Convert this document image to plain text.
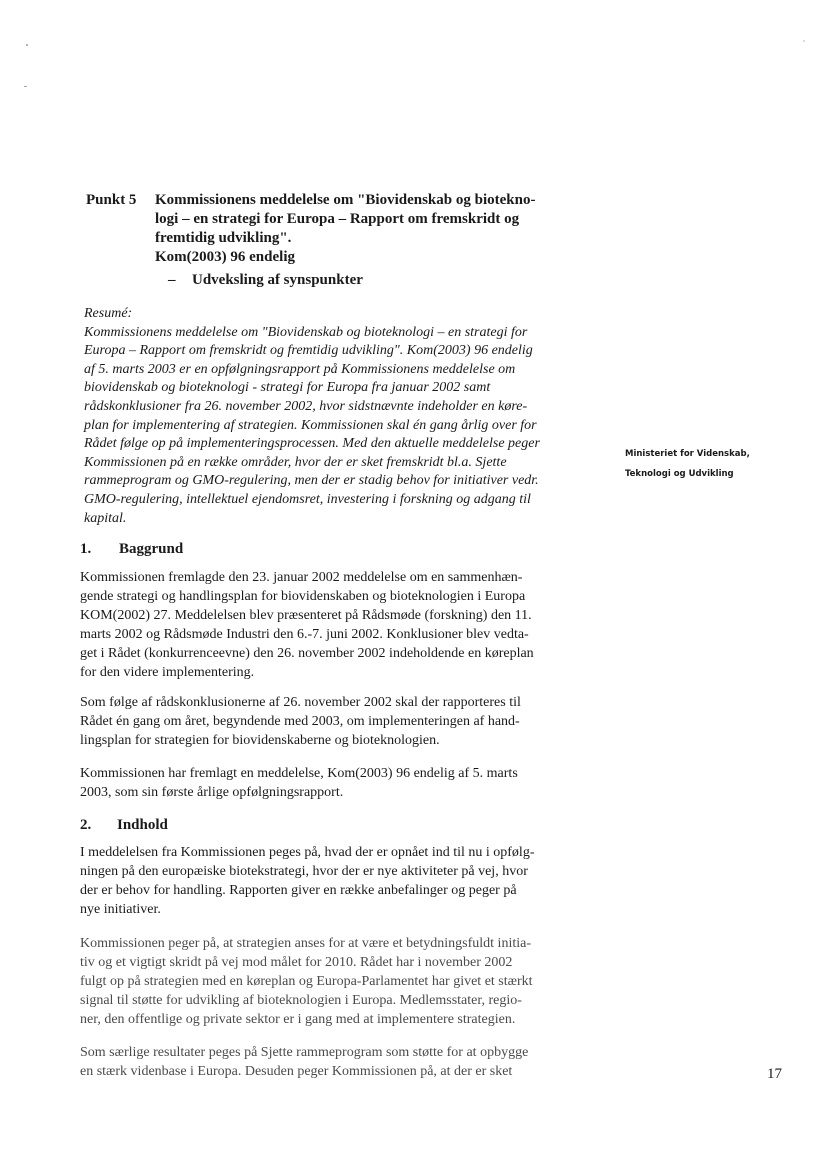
Punkt 5 Kommissionens meddelelse om "Biovidenskab og biotekno-
logi – en strategi for Europa – Rapport om fremskridt og
fremtidig udvikling".
Kom(2003) 96 endelig
– Udveksling af synspunkter
Resumé:
Kommissionens meddelelse om "Biovidenskab og bioteknologi – en strategi for
Europa – Rapport om fremskridt og fremtidig udvikling". Kom(2003) 96 endelig
af 5. marts 2003 er en opfølgningsrapport på Kommissionens meddelelse om
biovidenskab og bioteknologi - strategi for Europa fra januar 2002 samt
rådskonklusioner fra 26. november 2002, hvor sidstnævnte indeholder en køre-
plan for implementering af strategien. Kommissionen skal én gang årlig over for
Rådet følge op på implementeringsprocessen. Med den aktuelle meddelelse peger
Kommissionen på en række områder, hvor der er sket fremskridt bl.a. Sjette
rammeprogram og GMO-regulering, men der er stadig behov for initiativer vedr.
GMO-regulering, intellektuel ejendomsret, investering i forskning og adgang til
kapital.
Ministeriet for Videnskab,
Teknologi og Udvikling
1. Baggrund
Kommissionen fremlagde den 23. januar 2002 meddelelse om en sammenhæn-
gende strategi og handlingsplan for biovidenskaben og bioteknologien i Europa
KOM(2002) 27. Meddelelsen blev præsenteret på Rådsmøde (forskning) den 11.
marts 2002 og Rådsmøde Industri den 6.-7. juni 2002. Konklusioner blev vedta-
get i Rådet (konkurrenceevne) den 26. november 2002 indeholdende en køreplan
for den videre implementering.
Som følge af rådskonklusionerne af 26. november 2002 skal der rapporteres til
Rådet én gang om året, begyndende med 2003, om implementeringen af hand-
lingsplan for strategien for biovidenskaberne og bioteknologien.
Kommissionen har fremlagt en meddelelse, Kom(2003) 96 endelig af 5. marts
2003, som sin første årlige opfølgningsrapport.
2. Indhold
I meddelelsen fra Kommissionen peges på, hvad der er opnået ind til nu i opfølg-
ningen på den europæiske biotekstrategi, hvor der er nye aktiviteter på vej, hvor
der er behov for handling. Rapporten giver en række anbefalinger og peger på
nye initiativer.
Kommissionen peger på, at strategien anses for at være et betydningsfuldt initia-
tiv og et vigtigt skridt på vej mod målet for 2010. Rådet har i november 2002
fulgt op på strategien med en køreplan og Europa-Parlamentet har givet et stærkt
signal til støtte for udvikling af bioteknologien i Europa. Medlemsstater, regio-
ner, den offentlige og private sektor er i gang med at implementere strategien.
Som særlige resultater peges på Sjette rammeprogram som støtte for at opbygge
en stærk videnbase i Europa. Desuden peger Kommissionen på, at der er sket	17
